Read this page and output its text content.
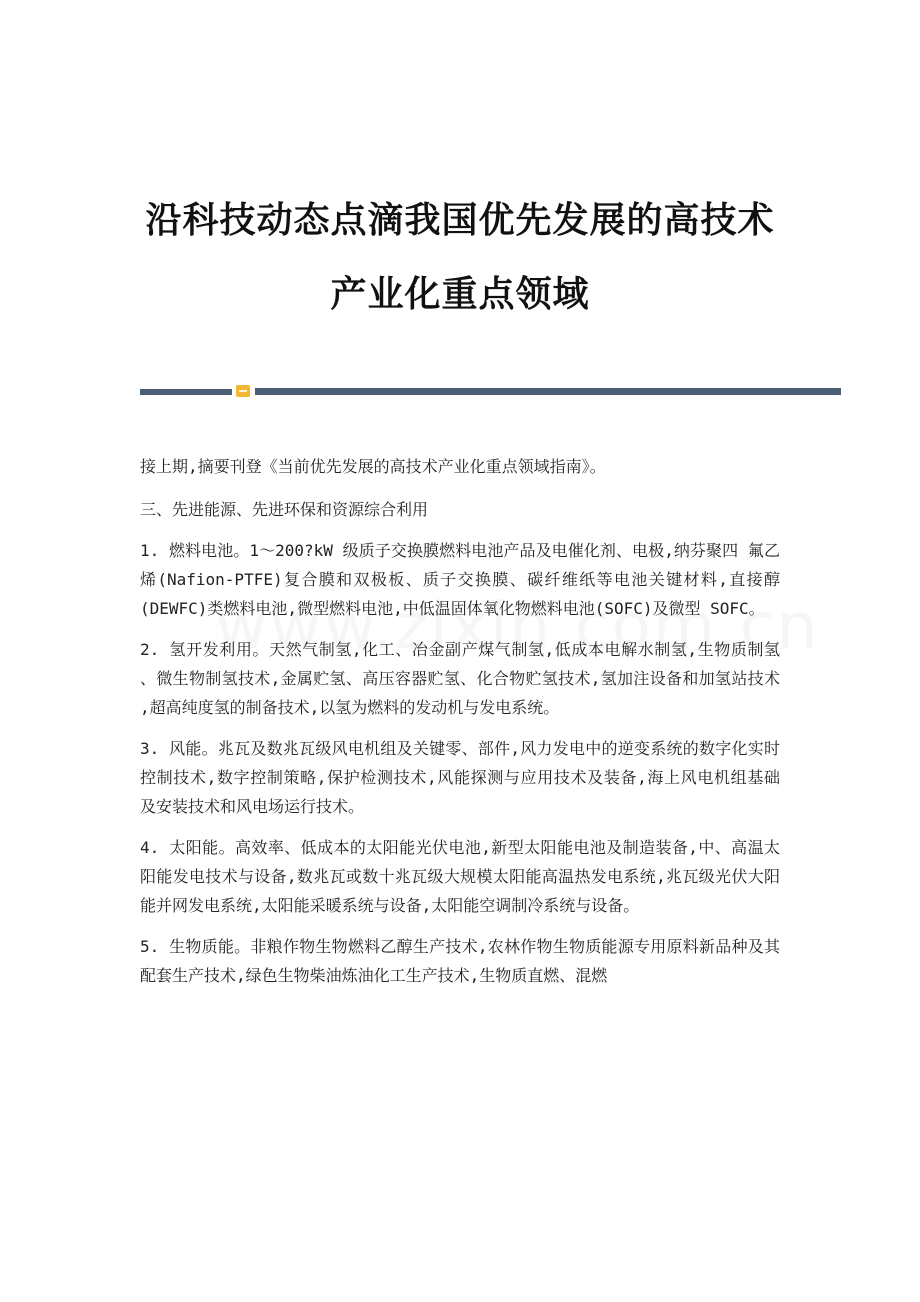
沿科技动态点滴我国优先发展的高技术
产业化重点领域

接上期,摘要刊登《当前优先发展的高技术产业化重点领域指南》。

三、先进能源、先进环保和资源综合利用

1. 燃料电池。1～200?kW 级质子交换膜燃料电池产品及电催化剂、电极,纳芬聚四 氟乙烯(Nafion-PTFE)复合膜和双极板、质子交换膜、碳纤维纸等电池关键材料,直接醇 (DEWFC)类燃料电池,微型燃料电池,中低温固体氧化物燃料电池(SOFC)及微型 SOFC。

2. 氢开发利用。天然气制氢,化工、冶金副产煤气制氢,低成本电解水制氢,生物质制氢 、微生物制氢技术,金属贮氢、高压容器贮氢、化合物贮氢技术,氢加注设备和加氢站技术 ,超高纯度氢的制备技术,以氢为燃料的发动机与发电系统。

3. 风能。兆瓦及数兆瓦级风电机组及关键零、部件,风力发电中的逆变系统的数字化实时 控制技术,数字控制策略,保护检测技术,风能探测与应用技术及装备,海上风电机组基础 及安装技术和风电场运行技术。

4. 太阳能。高效率、低成本的太阳能光伏电池,新型太阳能电池及制造装备,中、高温太 阳能发电技术与设备,数兆瓦或数十兆瓦级大规模太阳能高温热发电系统,兆瓦级光伏大阳 能并网发电系统,太阳能采暖系统与设备,太阳能空调制冷系统与设备。

5. 生物质能。非粮作物生物燃料乙醇生产技术,农林作物生物质能源专用原料新品种及其 配套生产技术,绿色生物柴油炼油化工生产技术,生物质直燃、混燃
